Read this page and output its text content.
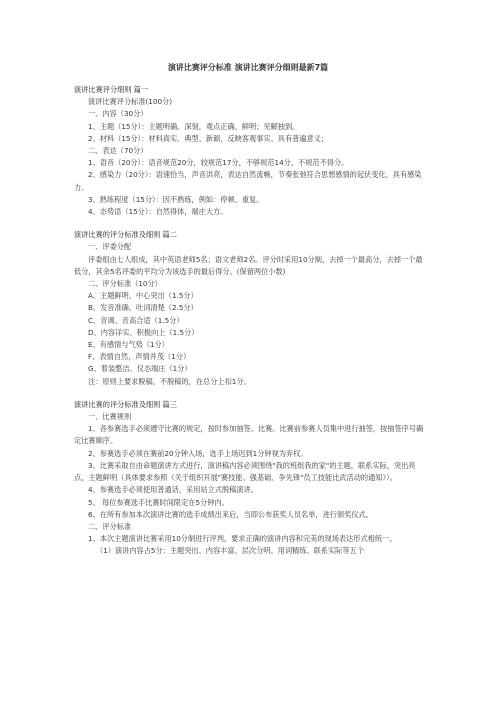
演讲比赛评分标准 演讲比赛评分细则最新7篇
演讲比赛评分细则 篇一
演讲比赛评分标准(100分)
一、内容（30分）
1、主题（15分）：主题明确、深刻，观点正确、鲜明；见解独到。
2、材料（15分）：材料真实、典型、新颖，反映客观事实、具有普遍意义；
二、表达（70分）
1、语音（20分）：语音规范20分，较规范17分，不够规范14分，不规范不得分。
2、感染力（20分）：语速恰当，声音洪亮，表达自然流畅，节奏张弛符合思想感情的起伏变化，具有感染力。
3、熟练程度（15分）：因不熟练，例如：停顿、重复。
4、态势语（15分）：自然得体，端庄大方。
演讲比赛的评分标准及细则 篇二
一、评委分配
评委组由七人组成，其中英语老师5名；语文老师2名。评分时采用10分制，去掉一个最高分，去掉一个最低分，其余5名评委的平均分为该选手的最后得分。(保留两位小数)
二、评分标准（10分）
A、主题鲜明、中心突出（1.5分）
B、发音准确、吐词清楚（2.5分）
C、音调、音高合适（1.5分）
D、内容详实、积极向上（1.5分）
E、有感情与气势（1分）
F、表情自然，声情并茂（1分）
G、着装整洁、仪态端庄（1分）
注：原则上要求脱稿，不脱稿的，在总分上扣1分。
演讲比赛的评分标准及细则 篇三
一、比赛规则
1、各参赛选手必须遵守比赛的规定，按时参加抽签、比赛。比赛前参赛人员集中进行抽签，按抽签序号确定比赛顺序。
2、参赛选手必须在赛前20分钟入场，选手上场迟到1分钟视为弃权。
3、比赛采取自由命题演讲方式进行，演讲稿内容必须围绕"我的班组我的家"的主题，联系实际，突出亮点，主题鲜明（具体要求参照《关于组织开展"赛技能、强基础、争先锋"员工技能比武活动的通知》）。
4、参赛选手必须使用普通话，采用站立式脱稿演讲。
5、 每位参赛选手比赛时间限定在5分钟内。
6、在所有参加本次演讲比赛的选手成绩出来后，当即公布获奖人员名单，进行颁奖仪式。
二、评分标准
1、本次主题演讲比赛采用10分制进行评判，要求正确的演讲内容和完美的现场表达形式相统一。
（1）演讲内容占5分：主题突出、内容丰富、层次分明、用词精练、联系实际等五个
